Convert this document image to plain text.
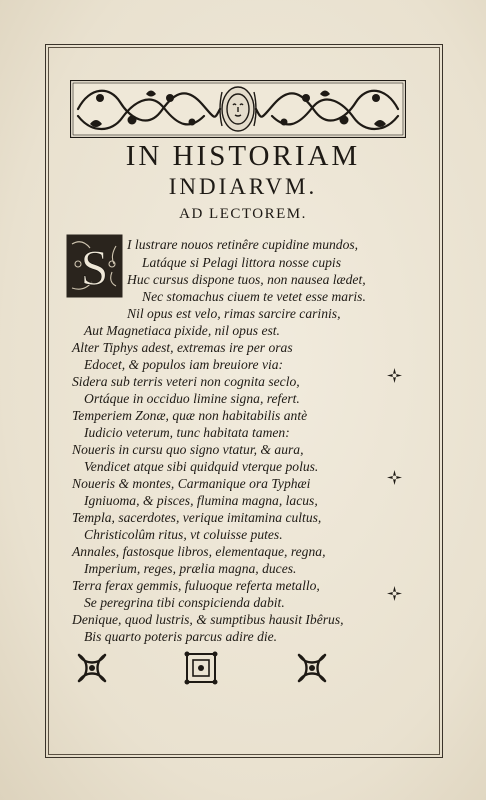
IN HISTORIAM
INDIARVM.
AD LECTOREM.
S I lustrare nouos retinêre cupidine mundos,

Latáque si Pelagi littora nosse cupis

Huc cursus dispone tuos, non nausea lædet,

Nec stomachus ciuem te vetet esse maris.

Nil opus est velo, rimas sarcire carinis,

Aut Magnetiaca pixide, nil opus est.

Alter Tiphys adest, extremas ire per oras

Edocet, & populos iam breuiore via:

Sidera sub terris veteri non cognita seclo,

Ortáque in occiduo limine signa, refert.

Temperiem Zonæ, quæ non habitabilis antè

Iudicio veterum, tunc habitata tamen:

Noueris in cursu quo signo vtatur, & aura,

Vendicet atque sibi quidquid vterque polus.

Noueris & montes, Carmanique ora Typhæi

Igniuoma, & pisces, flumina magna, lacus,

Templa, sacerdotes, verique imitamina cultus,

Christicolûm ritus, vt coluisse putes.

Annales, fastosque libros, elementaque, regna,

Imperium, reges, prælia magna, duces.

Terra ferax gemmis, fuluoque referta metallo,

Se peregrina tibi conspicienda dabit.

Denique, quod lustris, & sumptibus hausit Ibêrus,

Bis quarto poteris parcus adire die.
